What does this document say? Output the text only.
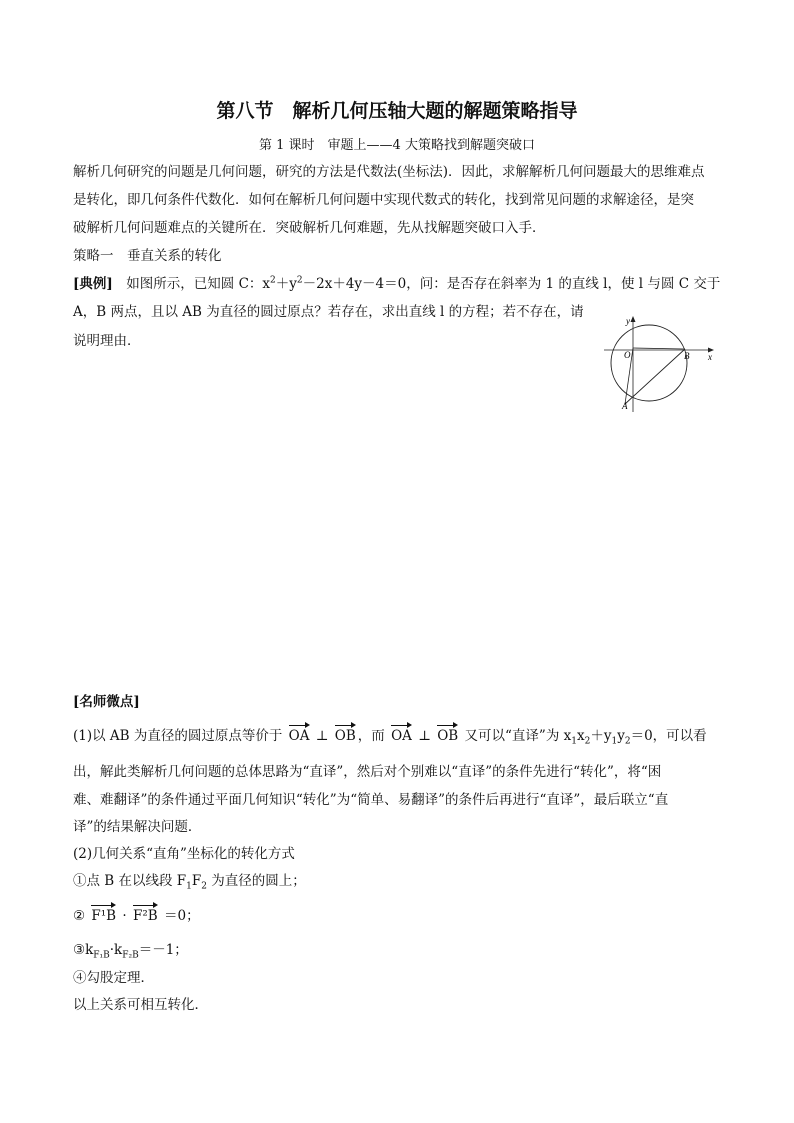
第八节　解析几何压轴大题的解题策略指导
第 1 课时　审题上——4 大策略找到解题突破口
解析几何研究的问题是几何问题，研究的方法是代数法(坐标法)．因此，求解解析几何问题最大的思维难点
是转化，即几何条件代数化．如何在解析几何问题中实现代数式的转化，找到常见问题的求解途径，是突
破解析几何问题难点的关键所在．突破解析几何难题，先从找解题突破口入手．
策略一　垂直关系的转化
[典例]　如图所示，已知圆 C：$x^2+y^2-2x+4y-4=0$，问：是否存在斜率为 1 的直线 l，使 l 与圆 C 交于
A，B 两点，且以 AB 为直径的圆过原点？若存在，求出直线 l 的方程；若不存在，请
说明理由．
y
x
O	B
A
[名师微点]
(1)以 AB 为直径的圆过原点等价于 OA ⊥ OB ，而 OA ⊥ OB 又可以“直译”为 $x_1x_2+y_1y_2=0$，可以看
出，解此类解析几何问题的总体思路为“直译”，然后对个别难以“直译”的条件先进行“转化”，将“困
难、难翻译”的条件通过平面几何知识“转化”为“简单、易翻译”的条件后再进行“直译”，最后联立“直
译”的结果解决问题．
(2)几何关系“直角”坐标化的转化方式
①点 B 在以线段 $F_1F_2$ 为直径的圆上；
② F¹B · F²B ＝0；
$③k_{F_1B}\cdot k_{F_2B}=-1$；
④勾股定理．
以上关系可相互转化．
